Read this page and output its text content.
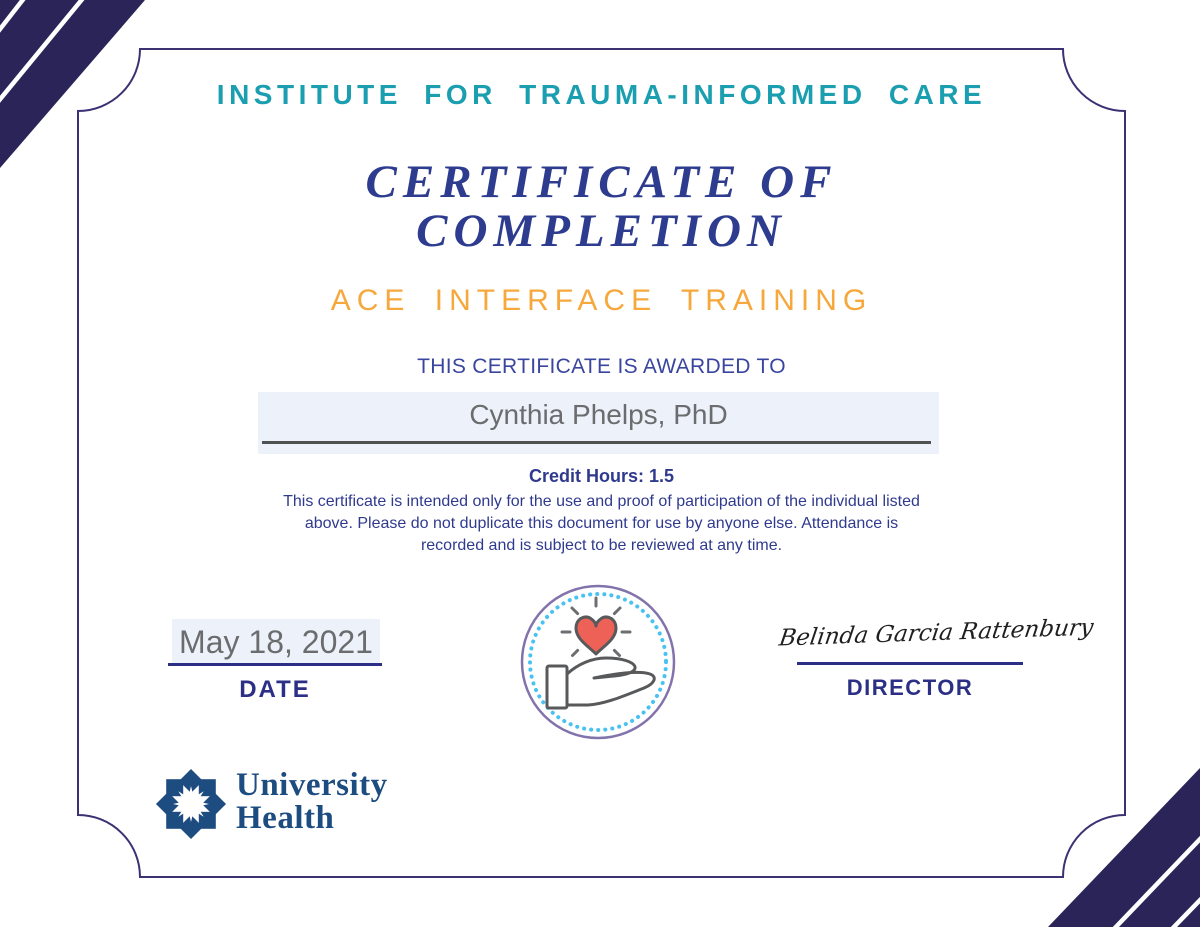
INSTITUTE FOR TRAUMA-INFORMED CARE
CERTIFICATE OF
COMPLETION
ACE INTERFACE TRAINING
THIS CERTIFICATE IS AWARDED TO
Cynthia Phelps, PhD
Credit Hours: 1.5
This certificate is intended only for the use and proof of participation of the individual listed
above. Please do not duplicate this document for use by anyone else. Attendance is
recorded and is subject to be reviewed at any time.
May 18, 2021
DATE
Belinda Garcia Rattenbury
DIRECTOR
University
Health
